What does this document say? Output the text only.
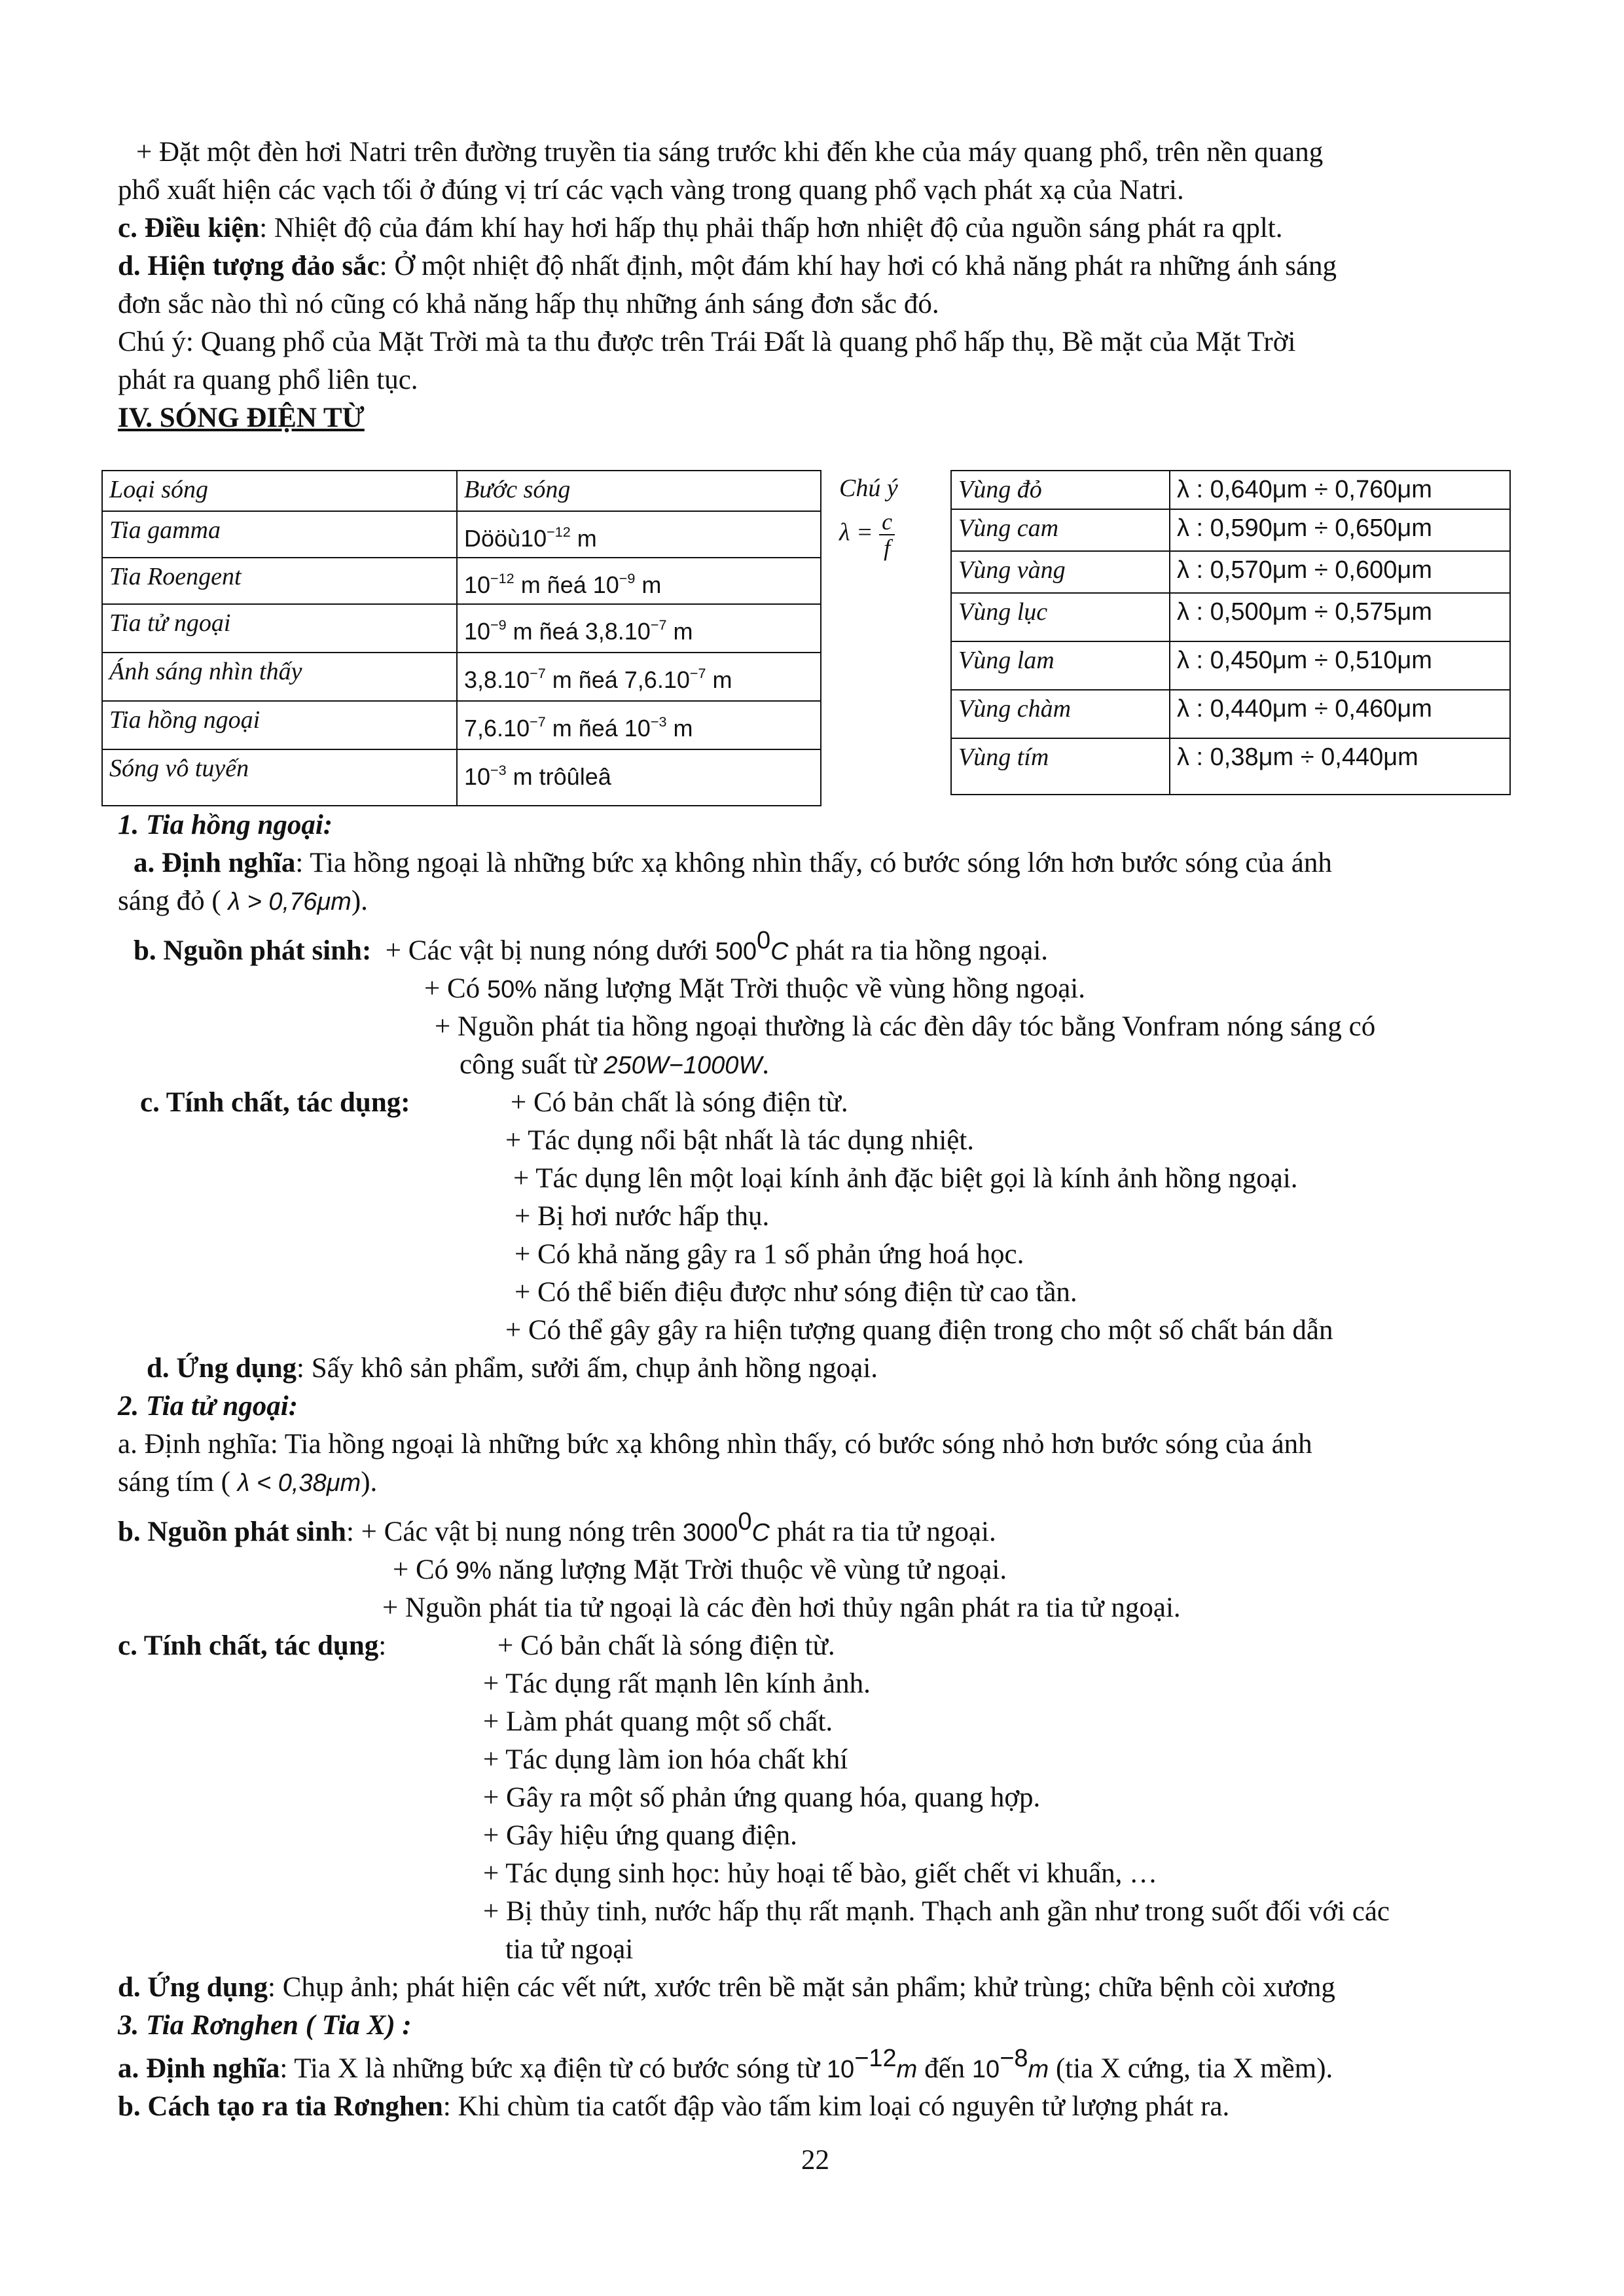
+ Đặt một đèn hơi Natri trên đường truyền tia sáng trước khi đến khe của máy quang phổ, trên nền quang
phổ xuất hiện các vạch tối ở đúng vị trí các vạch vàng trong quang phổ vạch phát xạ của Natri.
c. Điều kiện: Nhiệt độ của đám khí hay hơi hấp thụ phải thấp hơn nhiệt độ của nguồn sáng phát ra qplt.
d. Hiện tượng đảo sắc: Ở một nhiệt độ nhất định, một đám khí hay hơi có khả năng phát ra những ánh sáng
đơn sắc nào thì nó cũng có khả năng hấp thụ những ánh sáng đơn sắc đó.
Chú ý: Quang phổ của Mặt Trời mà ta thu được trên Trái Đất là quang phổ hấp thụ, Bề mặt của Mặt Trời
phát ra quang phổ liên tục.
IV. SÓNG ĐIỆN TỪ
Loại sóng	Bước sóng
Tia gamma	$Dööù10^{-12}$ m
Tia Roengent	$10^{-12}$ m ñeá $10^{-9}$ m
Tia tử ngoại	$10^{-9}$ m ñeá $3,8.10^{-7}$ m
Ánh sáng nhìn thấy	$3,8.10^{-7}$ m ñeá $7,6.10^{-7}$ m
Tia hồng ngoại	$7,6.10^{-7}$ m ñeá $10^{-3}$ m
Sóng vô tuyến	$10^{-3}$ m trôûleâ
Chú ý
$\lambda = \frac{c}{f}$
Vùng đỏ	λ : 0,640μm ÷ 0,760μm
Vùng cam	λ : 0,590μm ÷ 0,650μm
Vùng vàng	λ : 0,570μm ÷ 0,600μm
Vùng lục	λ : 0,500μm ÷ 0,575μm
Vùng lam	λ : 0,450μm ÷ 0,510μm
Vùng chàm	λ : 0,440μm ÷ 0,460μm
Vùng tím	λ : 0,38μm ÷ 0,440μm
1. Tia hồng ngoại:
a. Định nghĩa: Tia hồng ngoại là những bức xạ không nhìn thấy, có bước sóng lớn hơn bước sóng của ánh
sáng đỏ ( λ > 0,76μm).
b. Nguồn phát sinh: + Các vật bị nung nóng dưới $500^0C$ phát ra tia hồng ngoại.
+ Có 50% năng lượng Mặt Trời thuộc về vùng hồng ngoại.
+ Nguồn phát tia hồng ngoại thường là các đèn dây tóc bằng Vonfram nóng sáng có
công suất từ 250W−1000W.
c. Tính chất, tác dụng:	+ Có bản chất là sóng điện từ.
+ Tác dụng nổi bật nhất là tác dụng nhiệt.
+ Tác dụng lên một loại kính ảnh đặc biệt gọi là kính ảnh hồng ngoại.
+ Bị hơi nước hấp thụ.
+ Có khả năng gây ra 1 số phản ứng hoá học.
+ Có thể biến điệu được như sóng điện từ cao tần.
+ Có thể gây gây ra hiện tượng quang điện trong cho một số chất bán dẫn
d. Ứng dụng: Sấy khô sản phẩm, sưởi ấm, chụp ảnh hồng ngoại.
2. Tia tử ngoại:
a. Định nghĩa: Tia hồng ngoại là những bức xạ không nhìn thấy, có bước sóng nhỏ hơn bước sóng của ánh
sáng tím ( λ < 0,38μm).
b. Nguồn phát sinh: + Các vật bị nung nóng trên 3000$^0$C phát ra tia tử ngoại.
+ Có 9% năng lượng Mặt Trời thuộc về vùng tử ngoại.
+ Nguồn phát tia tử ngoại là các đèn hơi thủy ngân phát ra tia tử ngoại.
c. Tính chất, tác dụng:	+ Có bản chất là sóng điện từ.
+ Tác dụng rất mạnh lên kính ảnh.
+ Làm phát quang một số chất.
+ Tác dụng làm ion hóa chất khí
+ Gây ra một số phản ứng quang hóa, quang hợp.
+ Gây hiệu ứng quang điện.
+ Tác dụng sinh học: hủy hoại tế bào, giết chết vi khuẩn, …
+ Bị thủy tinh, nước hấp thụ rất mạnh. Thạch anh gần như trong suốt đối với các
tia tử ngoại
d. Ứng dụng: Chụp ảnh; phát hiện các vết nứt, xước trên bề mặt sản phẩm; khử trùng; chữa bệnh còi xương
3. Tia Rơnghen ( Tia X) :
a. Định nghĩa: Tia X là những bức xạ điện từ có bước sóng từ $10^{-12}m$ đến $10^{-8}m$ (tia X cứng, tia X mềm).
b. Cách tạo ra tia Rơnghen: Khi chùm tia catốt đập vào tấm kim loại có nguyên tử lượng phát ra.
22
